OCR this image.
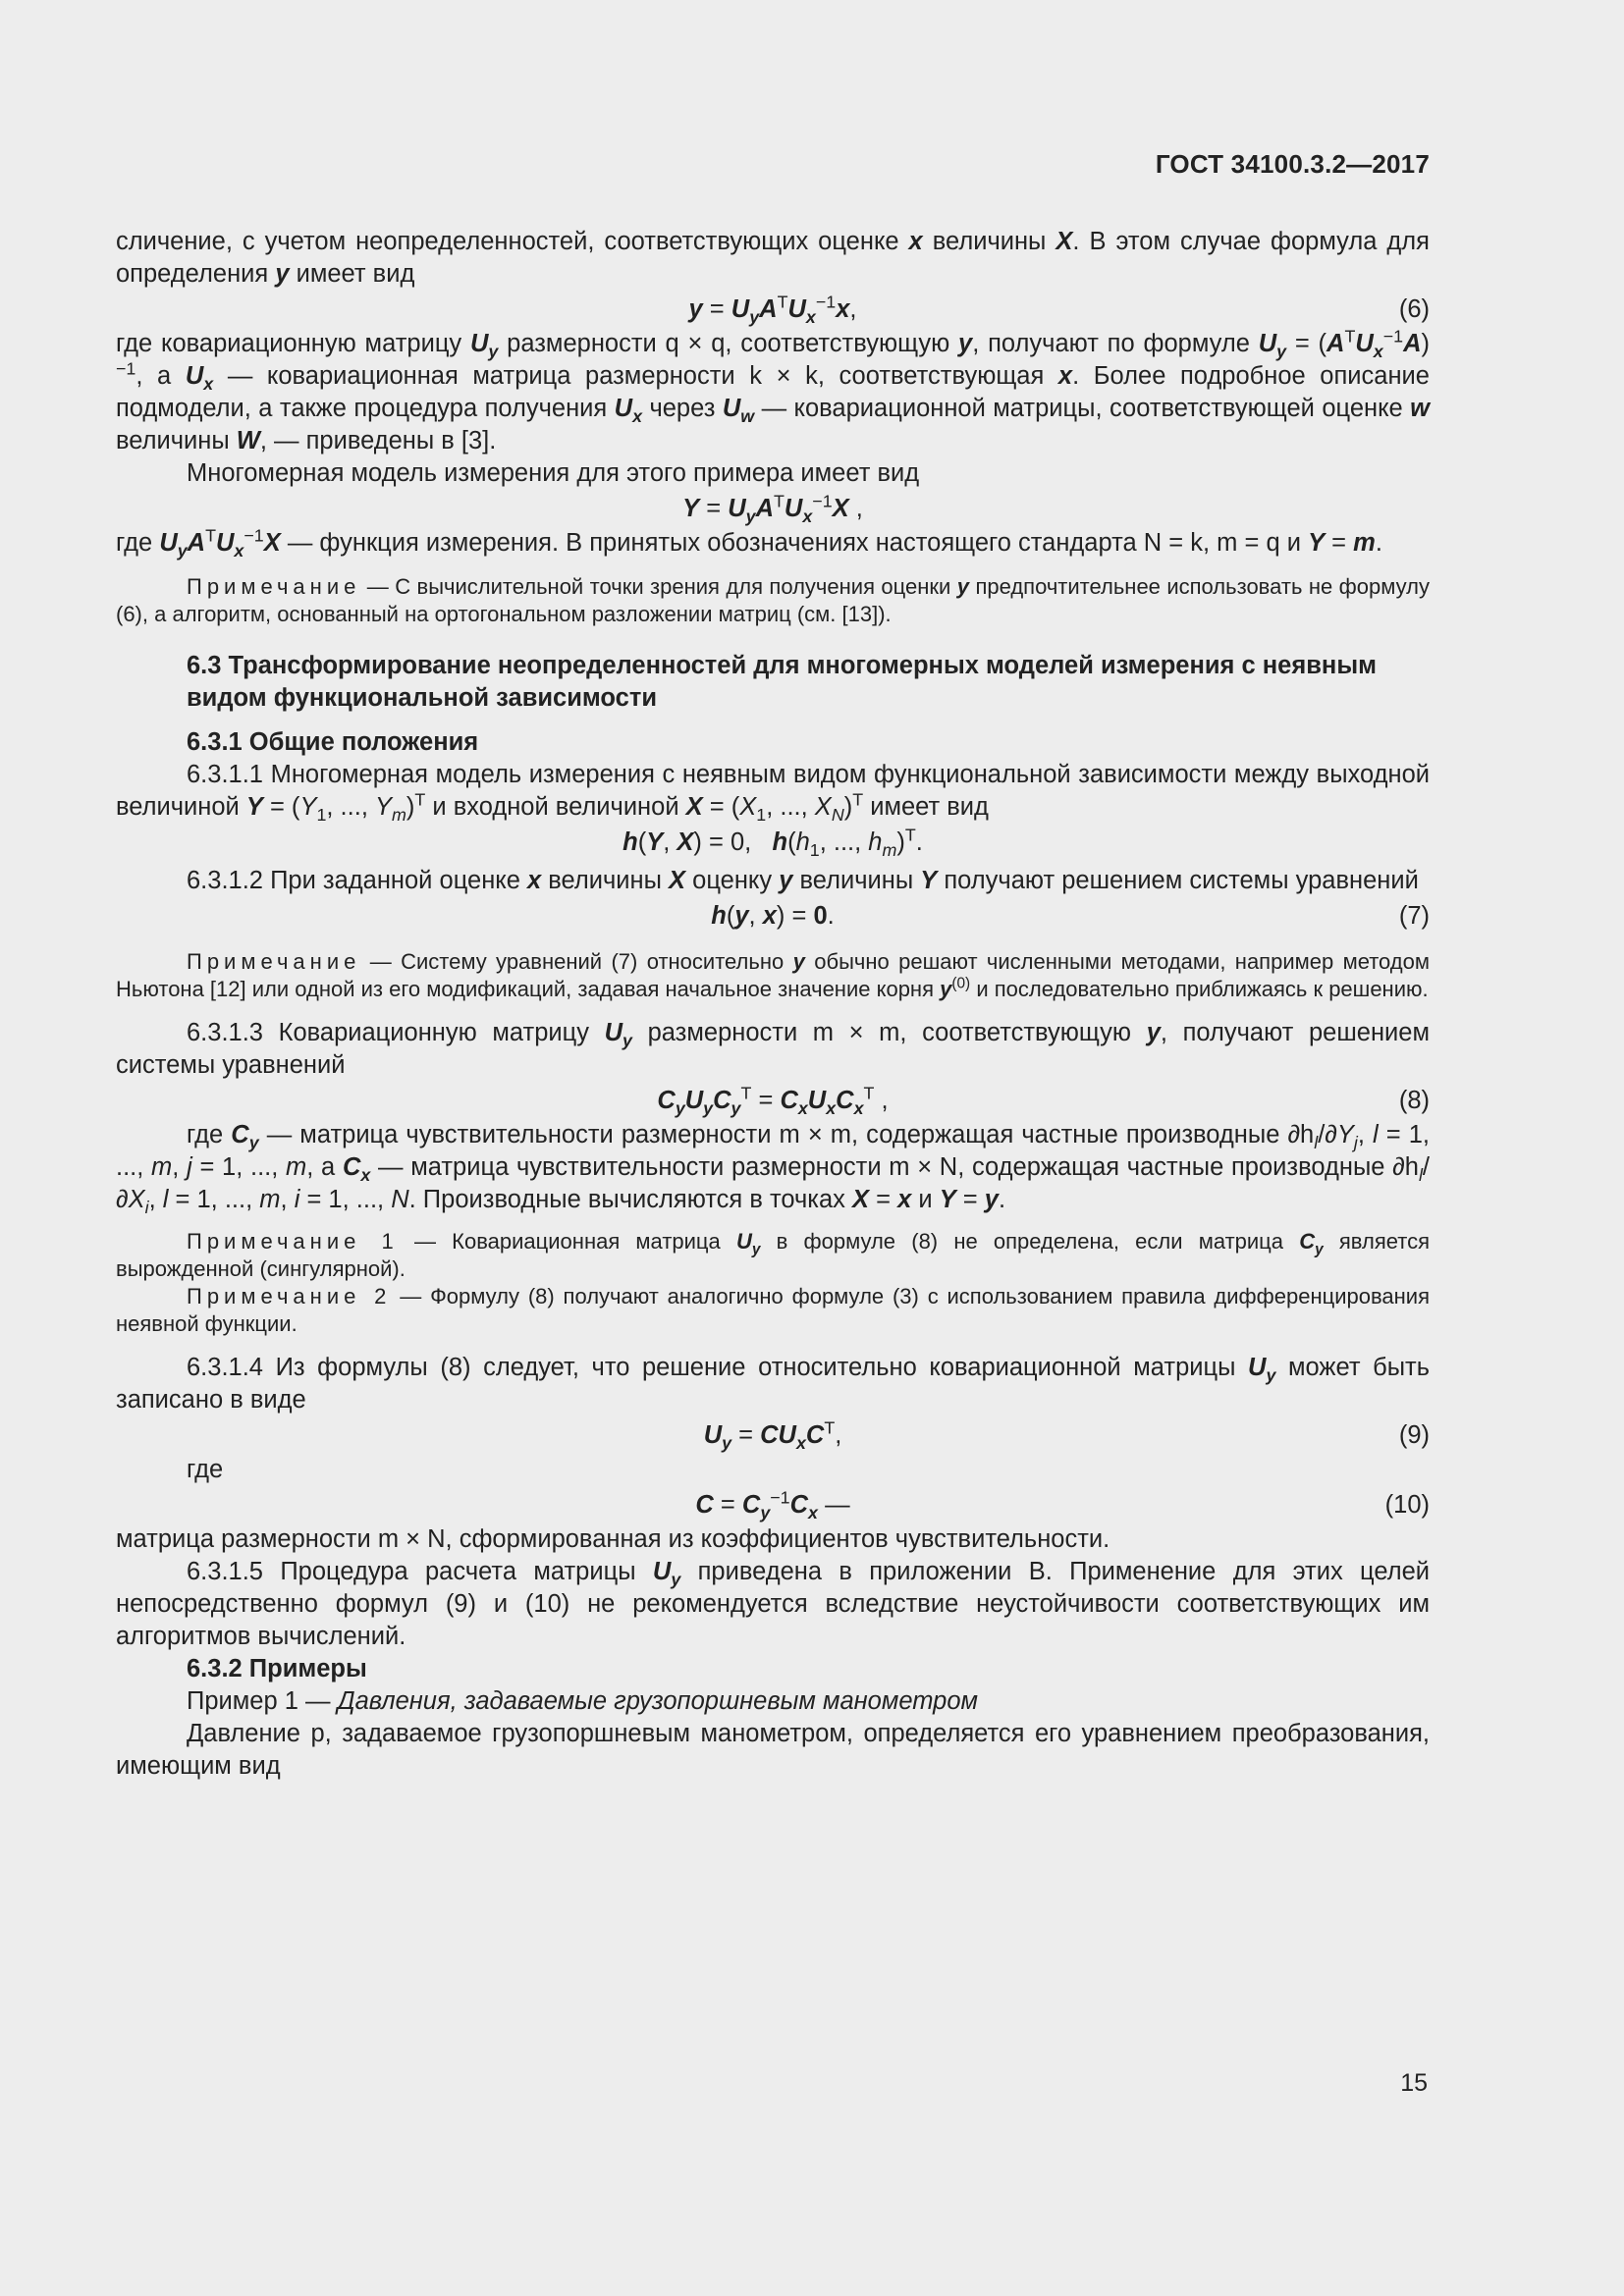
ГОСТ 34100.3.2—2017

сличение, с учетом неопределенностей, соответствующих оценке x величины X. В этом случае формула для определения y имеет вид

$y = U_yA^TU_x^{-1}x$,	(6)

где ковариационную матрицу $U_y$ размерности q × q, соответствующую y, получают по формуле $U_y = (A^TU_x^{-1}A)^{-1}$, а $U_x$ — ковариационная матрица размерности k × k, соответствующая x. Более подробное описание подмодели, а также процедура получения $U_x$ через $U_w$ — ковариационной матрицы, соответствующей оценке w величины W, — приведены в [3].

Многомерная модель измерения для этого примера имеет вид

$Y = U_yA^TU_x^{-1}X$ ,

где $U_yA^TU_x^{-1}X$ — функция измерения. В принятых обозначениях настоящего стандарта N = k, m = q и Y = m.

Примечание — С вычислительной точки зрения для получения оценки y предпочтительнее использовать не формулу (6), а алгоритм, основанный на ортогональном разложении матриц (см. [13]).

6.3 Трансформирование неопределенностей для многомерных моделей измерения с неявным видом функциональной зависимости

6.3.1 Общие положения

6.3.1.1 Многомерная модель измерения с неявным видом функциональной зависимости между выходной величиной $Y = (Y_1$, ..., $Y_m)^T$ и входной величиной $X = (X_1$, ..., $X_N)^T$ имеет вид

h(Y, X) = 0,   $h(h_1$, ..., $h_m)^T$.

6.3.1.2 При заданной оценке x величины X оценку y величины Y получают решением системы уравнений

h(y, x) = 0.	(7)

Примечание — Систему уравнений (7) относительно y обычно решают численными методами, например методом Ньютона [12] или одной из его модификаций, задавая начальное значение корня $y^{(0)}$ и последовательно приближаясь к решению.

6.3.1.3 Ковариационную матрицу $U_y$ размерности m × m, соответствующую y, получают решением системы уравнений

$C_yU_yC_y^T = C_xU_xC_x^T$ ,	(8)

где $C_y$ — матрица чувствительности размерности m × m, содержащая частные производные $\partial h_l/\partial Y_j$, l = 1, ..., m, j = 1, ..., m, а $C_x$ — матрица чувствительности размерности m × N, содержащая частные производные $\partial h_l/\partial X_i$, l = 1, ..., m, i = 1, ..., N. Производные вычисляются в точках X = x и Y = y.

Примечание 1 — Ковариационная матрица $U_y$ в формуле (8) не определена, если матрица $C_y$ является вырожденной (сингулярной).

Примечание 2 — Формулу (8) получают аналогично формуле (3) с использованием правила дифференцирования неявной функции.

6.3.1.4 Из формулы (8) следует, что решение относительно ковариационной матрицы $U_y$ может быть записано в виде

$U_y = CU_xC^T$,	(9)

где

$C = C_y^{-1}C_x$ —	(10)

матрица размерности m × N, сформированная из коэффициентов чувствительности.

6.3.1.5 Процедура расчета матрицы $U_y$ приведена в приложении В. Применение для этих целей непосредственно формул (9) и (10) не рекомендуется вследствие неустойчивости соответствующих им алгоритмов вычислений.

6.3.2 Примеры

Пример 1 — Давления, задаваемые грузопоршневым манометром

Давление p, задаваемое грузопоршневым манометром, определяется его уравнением преобразования, имеющим вид

15
